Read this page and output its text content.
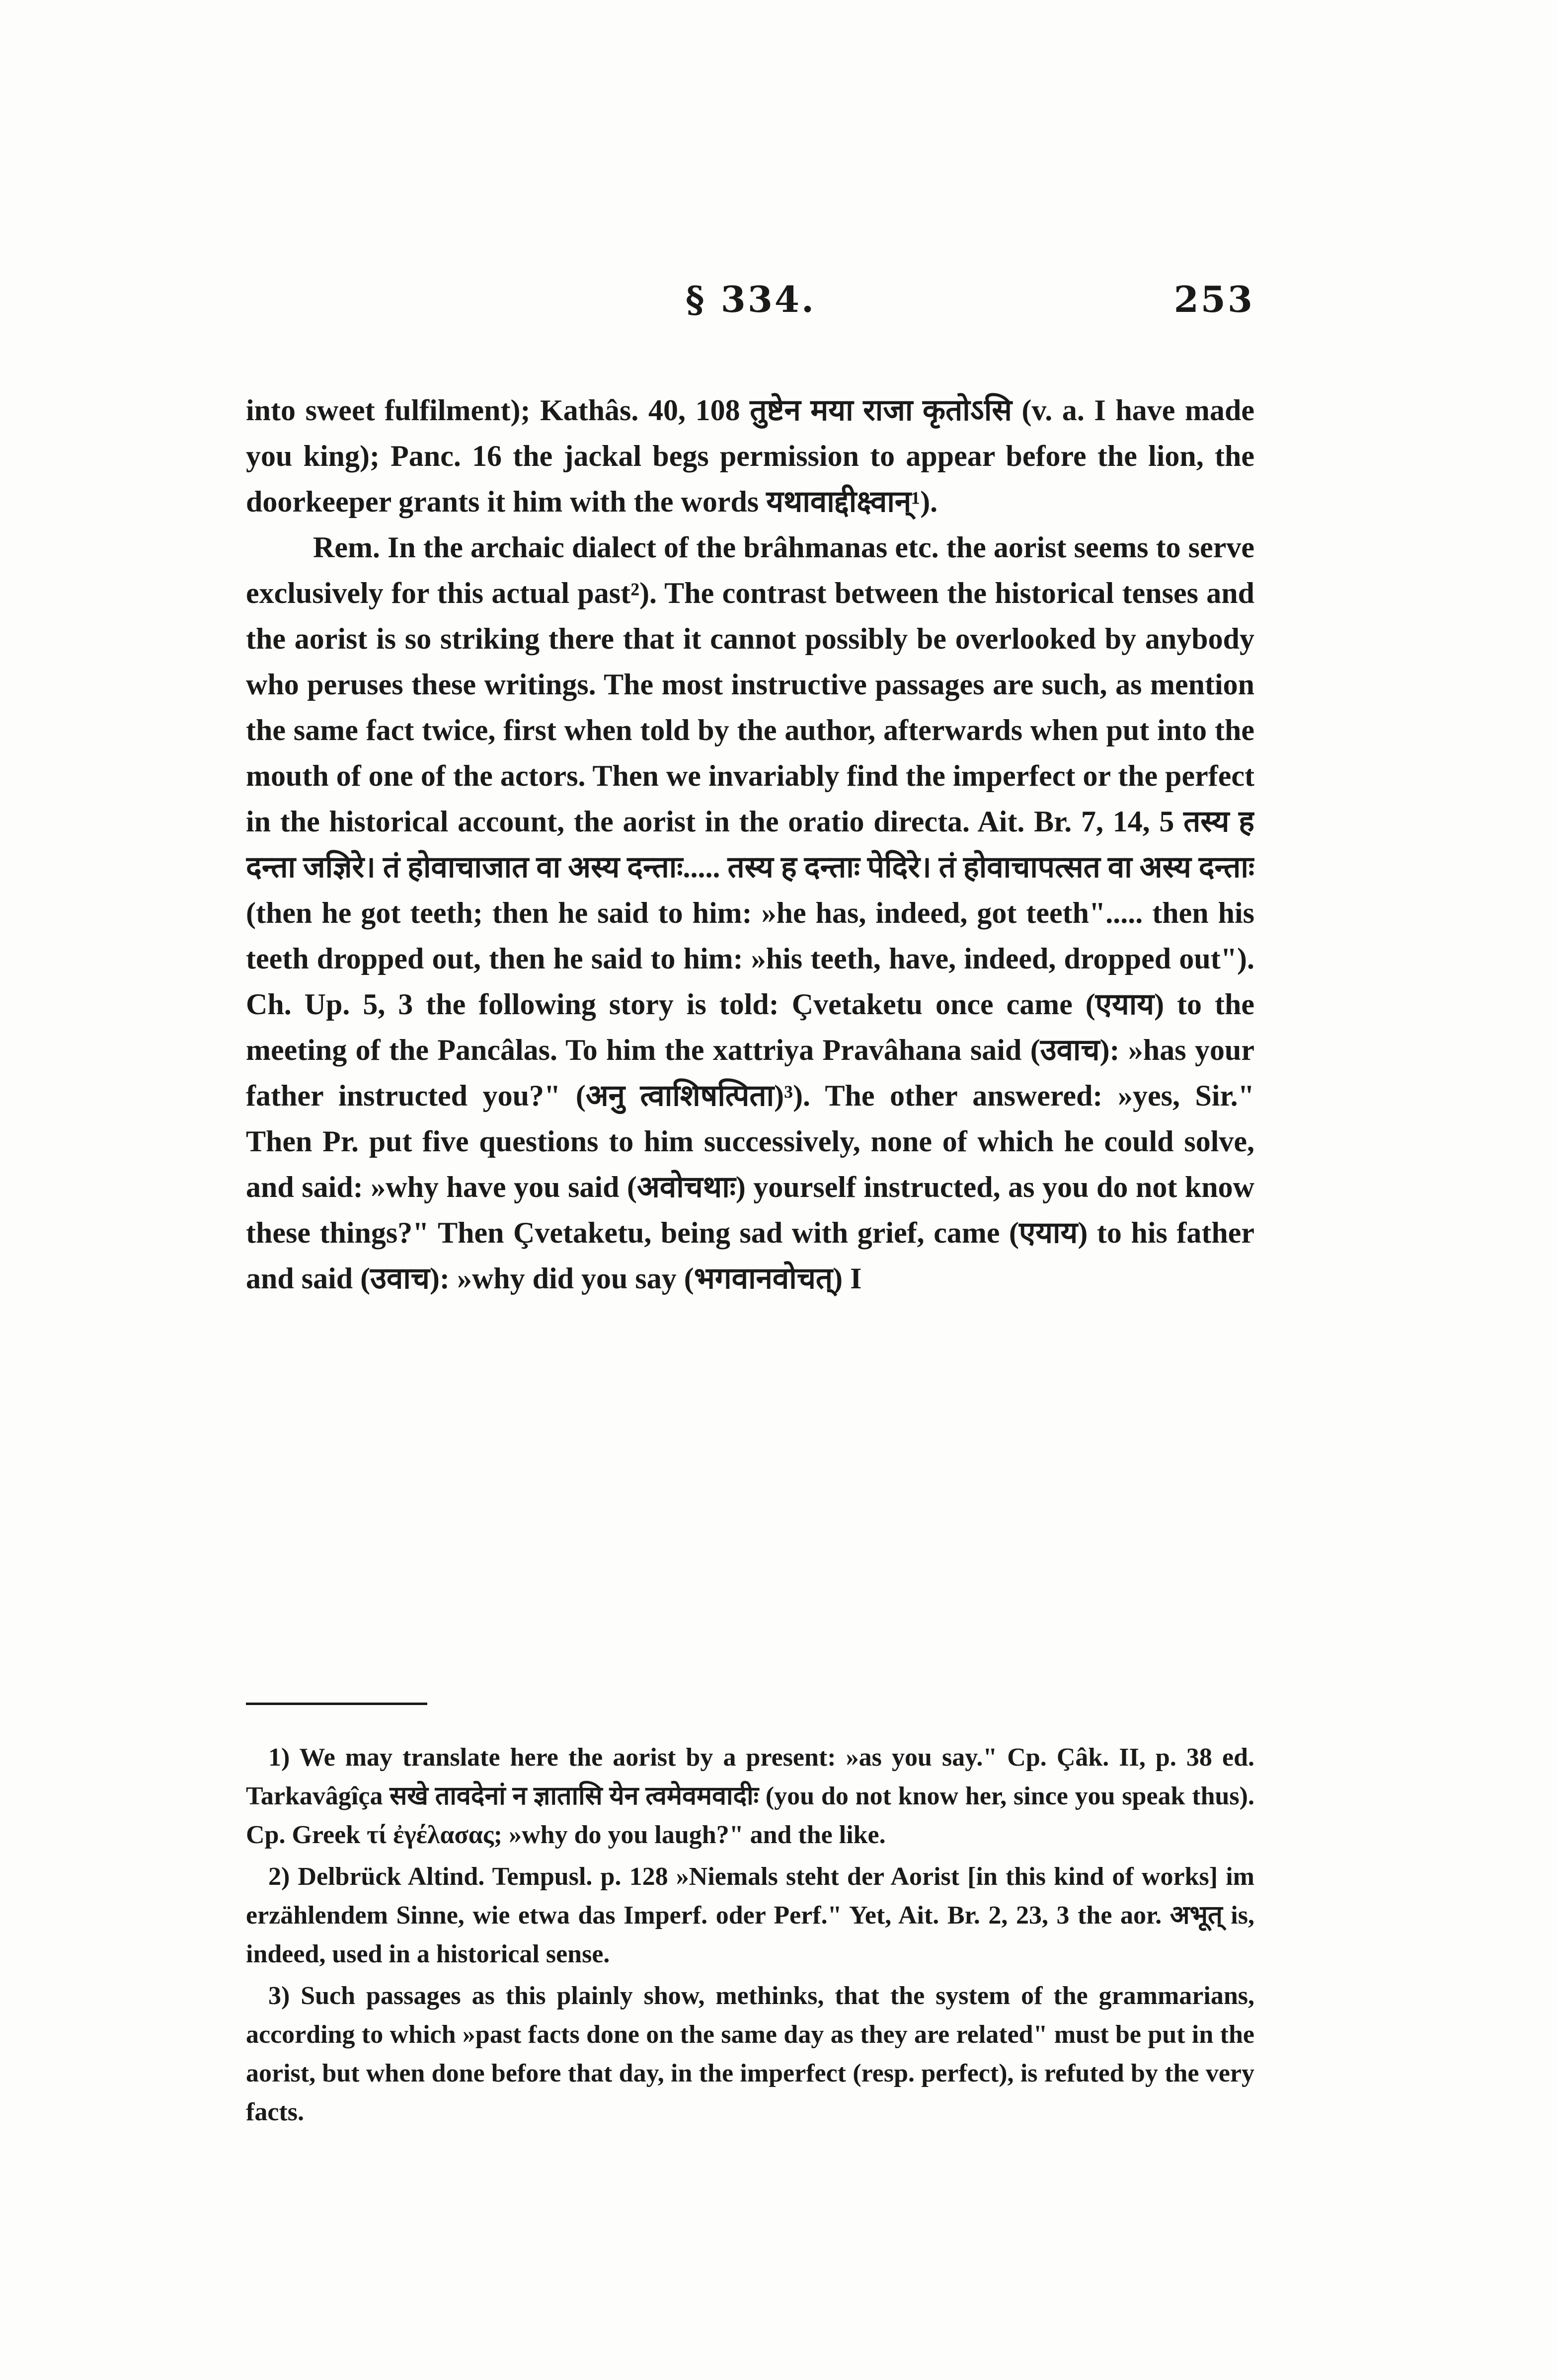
§ 334.	253

into sweet fulfilment); Kathâs. 40, 108 तुष्टेन मया राजा कृतोऽसि (v. a. I have made you king); Panc. 16 the jackal begs permission to appear before the lion, the doorkeeper grants it him with the words यथावाद्दीक्ष्वान्¹).

Rem. In the archaic dialect of the brâhmanas etc. the aorist seems to serve exclusively for this actual past²). The contrast between the historical tenses and the aorist is so striking there that it cannot possibly be overlooked by anybody who peruses these writings. The most instructive passages are such, as mention the same fact twice, first when told by the author, afterwards when put into the mouth of one of the actors. Then we invariably find the imperfect or the perfect in the historical account, the aorist in the oratio directa. Ait. Br. 7, 14, 5 तस्य ह दन्ता जज्ञिरे। तं होवाचाजात वा अस्य दन्ताः..... तस्य ह दन्ताः पेदिरे। तं होवाचापत्सत वा अस्य दन्ताः (then he got teeth; then he said to him: »he has, indeed, got teeth"..... then his teeth dropped out, then he said to him: »his teeth, have, indeed, dropped out"). Ch. Up. 5, 3 the following story is told: Çvetaketu once came (एयाय) to the meeting of the Pancâlas. To him the xattriya Pravâhana said (उवाच): »has your father instructed you?" (अनु त्वाशिषत्पिता)³). The other answered: »yes, Sir." Then Pr. put five questions to him successively, none of which he could solve, and said: »why have you said (अवोचथाः) yourself instructed, as you do not know these things?" Then Çvetaketu, being sad with grief, came (एयाय) to his father and said (उवाच): »why did you say (भगवानवोचत्) I

1) We may translate here the aorist by a present: »as you say." Cp. Çâk. II, p. 38 ed. Tarkavâgîça सखे तावदेनां न ज्ञातासि येन त्वमेवमवादीः (you do not know her, since you speak thus). Cp. Greek τί ἐγέλασας; »why do you laugh?" and the like.

2) Delbrück Altind. Tempusl. p. 128 »Niemals steht der Aorist [in this kind of works] im erzählendem Sinne, wie etwa das Imperf. oder Perf." Yet, Ait. Br. 2, 23, 3 the aor. अभूत् is, indeed, used in a historical sense.

3) Such passages as this plainly show, methinks, that the system of the grammarians, according to which »past facts done on the same day as they are related" must be put in the aorist, but when done before that day, in the imperfect (resp. perfect), is refuted by the very facts.
